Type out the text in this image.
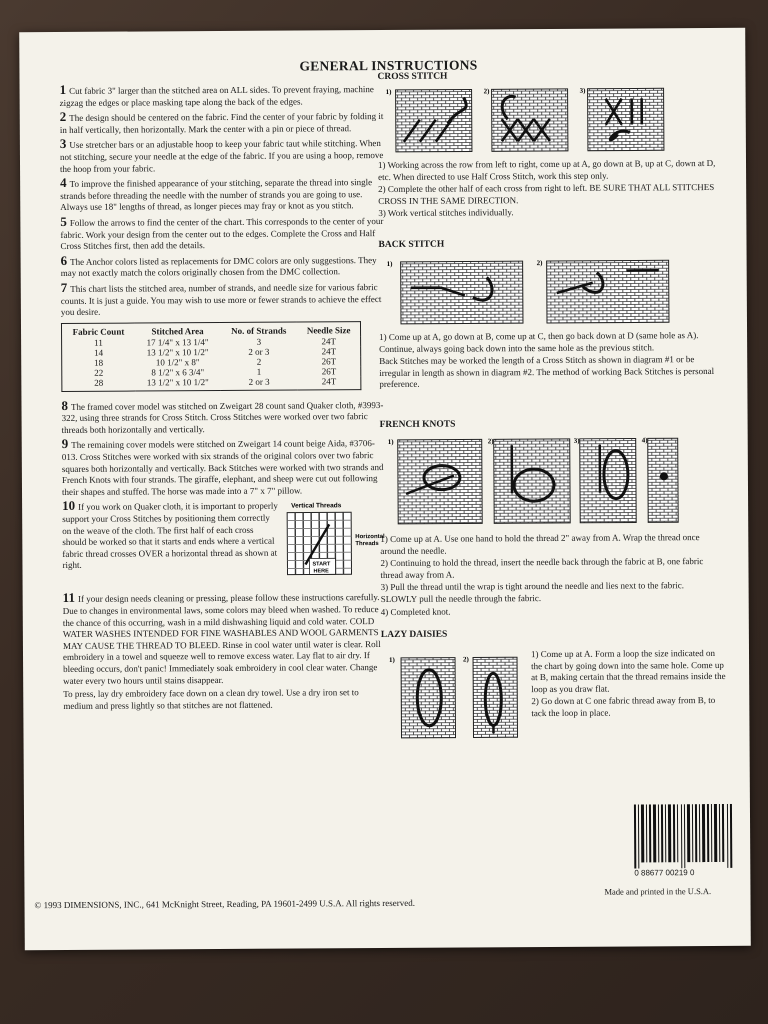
GENERAL INSTRUCTIONS

1 Cut fabric 3" larger than the stitched area on ALL sides. To prevent fraying, machine zigzag the edges or place masking tape along the back of the edges.

2 The design should be centered on the fabric. Find the center of your fabric by folding it in half vertically, then horizontally. Mark the center with a pin or piece of thread.

3 Use stretcher bars or an adjustable hoop to keep your fabric taut while stitching. When not stitching, secure your needle at the edge of the fabric. If you are using a hoop, remove the hoop from your fabric.

4 To improve the finished appearance of your stitching, separate the thread into single strands before threading the needle with the number of strands you are going to use. Always use 18" lengths of thread, as longer pieces may fray or knot as you stitch.

5 Follow the arrows to find the center of the chart. This corresponds to the center of your fabric. Work your design from the center out to the edges. Complete the Cross and Half Cross Stitches first, then add the details.

6 The Anchor colors listed as replacements for DMC colors are only suggestions. They may not exactly match the colors originally chosen from the DMC collection.

7 This chart lists the stitched area, number of strands, and needle size for various fabric counts. It is just a guide. You may wish to use more or fewer strands to achieve the effect you desire.

Fabric Count	Stitched Area	No. of Strands	Needle Size
11	17 1/4" x 13 1/4"	3	24T
14	13 1/2" x 10 1/2"	2 or 3	24T
18	10 1/2" x 8"	2	26T
22	8 1/2" x 6 3/4"	1	26T
28	13 1/2" x 10 1/2"	2 or 3	24T

8 The framed cover model was stitched on Zweigart 28 count sand Quaker cloth, #3993-322, using three strands for Cross Stitch. Cross Stitches were worked over two fabric threads both horizontally and vertically.

9 The remaining cover models were stitched on Zweigart 14 count beige Aida, #3706-013. Cross Stitches were worked with six strands of the original colors over two fabric squares both horizontally and vertically. Back Stitches were worked with two strands and French Knots with four strands. The giraffe, elephant, and sheep were cut out following their shapes and stuffed. The horse was made into a 7" x 7" pillow.

Vertical Threads
Horizontal
Threads
START
HERE

10 If you work on Quaker cloth, it is important to properly support your Cross Stitches by positioning them correctly on the weave of the cloth. The first half of each cross should be worked so that it starts and ends where a vertical fabric thread crosses OVER a horizontal thread as shown at right.

11 If your design needs cleaning or pressing, please follow these instructions carefully. Due to changes in environmental laws, some colors may bleed when washed. To reduce the chance of this occurring, wash in a mild dishwashing liquid and cold water. COLD WATER WASHES INTENDED FOR FINE WASHABLES AND WOOL GARMENTS MAY CAUSE THE THREAD TO BLEED. Rinse in cool water until water is clear. Roll embroidery in a towel and squeeze well to remove excess water. Lay flat to air dry. If bleeding occurs, don't panic! Immediately soak embroidery in cool clear water. Change water every two hours until stains disappear.

To press, lay dry embroidery face down on a clean dry towel. Use a dry iron set to medium and press lightly so that stitches are not flattened.

CROSS STITCH
1)	2)	3)

1) Working across the row from left to right, come up at A, go down at B, up at C, down at D, etc. When directed to use Half Cross Stitch, work this step only.

2) Complete the other half of each cross from right to left. BE SURE THAT ALL STITCHES CROSS IN THE SAME DIRECTION.

3) Work vertical stitches individually.

BACK STITCH
1)	2)

1) Come up at A, go down at B, come up at C, then go back down at D (same hole as A). Continue, always going back down into the same hole as the previous stitch.

Back Stitches may be worked the length of a Cross Stitch as shown in diagram #1 or be irregular in length as shown in diagram #2. The method of working Back Stitches is personal preference.

FRENCH KNOTS
1)	2)	3)	4)

1) Come up at A. Use one hand to hold the thread 2" away from A. Wrap the thread once around the needle.

2) Continuing to hold the thread, insert the needle back through the fabric at B, one fabric thread away from A.

3) Pull the thread until the wrap is tight around the needle and lies next to the fabric. SLOWLY pull the needle through the fabric.

4) Completed knot.

LAZY DAISIES
1)	2)

1) Come up at A. Form a loop the size indicated on the chart by going down into the same hole. Come up at B, making certain that the thread remains inside the loop as you draw flat.

2) Go down at C one fabric thread away from B, to tack the loop in place.

0 88677 00219 0
Made and printed in the U.S.A.
© 1993 DIMENSIONS, INC., 641 McKnight Street, Reading, PA 19601-2499 U.S.A. All rights reserved.
